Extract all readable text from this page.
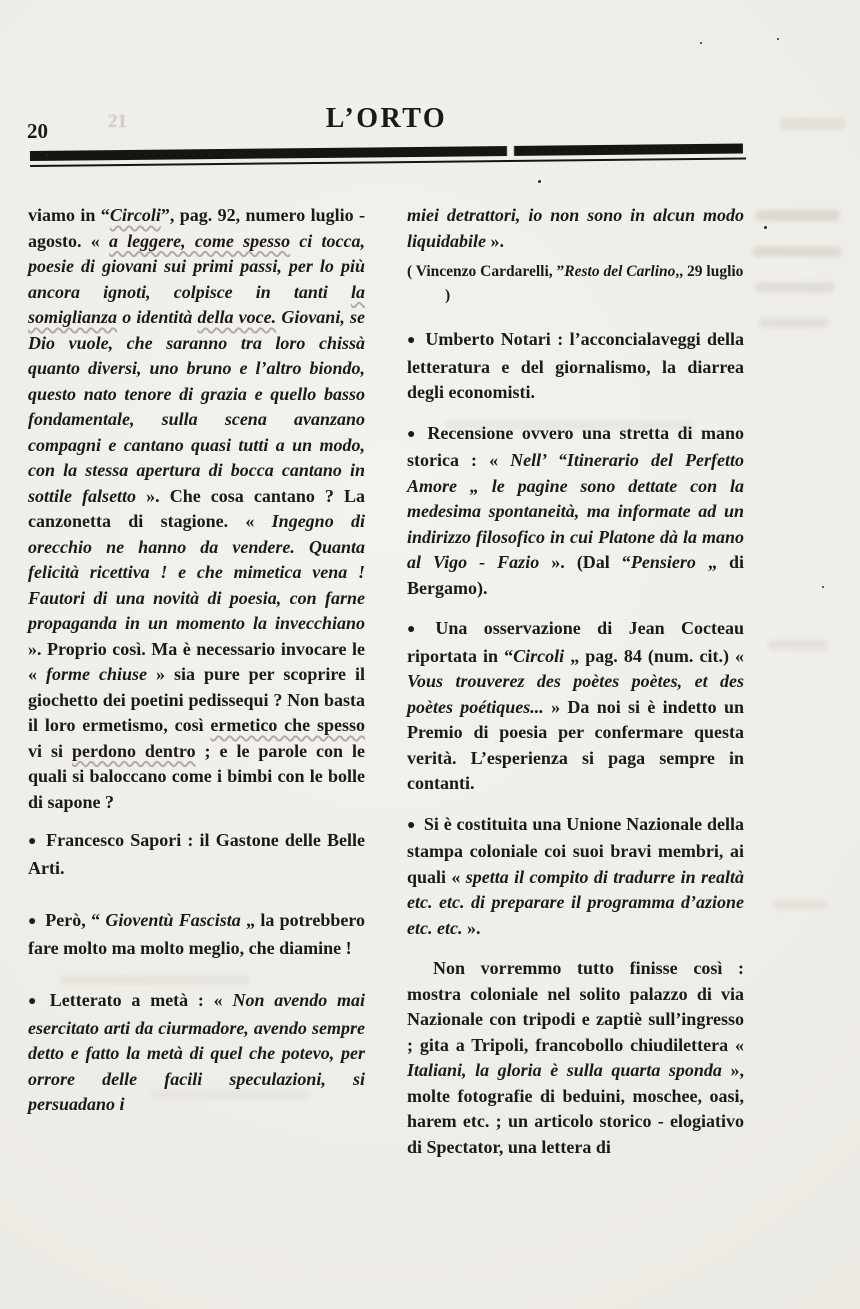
21
20	L’ORTO

viamo in “Circoli”, pag. 92, numero luglio - agosto. « a leggere, come spesso ci tocca, poesie di giovani sui primi passi, per lo più ancora ignoti, colpisce in tanti la somiglianza o identità della voce. Giovani, se Dio vuole, che saranno tra loro chissà quanto diversi, uno bruno e l’altro biondo, questo nato tenore di grazia e quello basso fondamentale, sulla scena avanzano compagni e cantano quasi tutti a un modo, con la stessa apertura di bocca cantano in sottile falsetto ». Che cosa cantano ? La canzonetta di stagione. « Ingegno di orecchio ne hanno da vendere. Quanta felicità ricettiva ! e che mimetica vena ! Fautori di una novità di poesia, con farne propaganda in un momento la invecchiano ». Proprio così. Ma è necessario invocare le « forme chiuse » sia pure per scoprire il giochetto dei poetini pedissequi ? Non basta il loro ermetismo, così ermetico che spesso vi si perdono dentro ; e le parole con le quali si baloccano come i bimbi con le bolle di sapone ?

● Francesco Sapori : il Gastone delle Belle Arti.

● Però, “ Gioventù Fascista „ la potrebbero fare molto ma molto meglio, che diamine !

● Letterato a metà : « Non avendo mai esercitato arti da ciurmadore, avendo sempre detto e fatto la metà di quel che potevo, per orrore delle facili speculazioni, si persuadano i

miei detrattori, io non sono in alcun modo liquidabile ».

( Vincenzo Cardarelli, ”Resto del Carlino,, 29 luglio )

● Umberto Notari : l’acconcialaveggi della letteratura e del giornalismo, la diarrea degli economisti.

● Recensione ovvero una stretta di mano storica : « Nell’ “Itinerario del Perfetto Amore „ le pagine sono dettate con la medesima spontaneità, ma informate ad un indirizzo filosofico in cui Platone dà la mano al Vigo - Fazio ». (Dal “Pensiero „ di Bergamo).

● Una osservazione di Jean Cocteau riportata in “Circoli „ pag. 84 (num. cit.) « Vous trouverez des poètes poètes, et des poètes poétiques... » Da noi si è indetto un Premio di poesia per confermare questa verità. L’esperienza si paga sempre in contanti.

● Si è costituita una Unione Nazionale della stampa coloniale coi suoi bravi membri, ai quali « spetta il compito di tradurre in realtà etc. etc. di preparare il programma d’azione etc. etc. ».

Non vorremmo tutto finisse così : mostra coloniale nel solito palazzo di via Nazionale con tripodi e zaptiè sull’ingresso ; gita a Tripoli, francobollo chiudilettera « Italiani, la gloria è sulla quarta sponda », molte fotografie di beduini, moschee, oasi, harem etc. ; un articolo storico - elogiativo di Spectator, una lettera di
